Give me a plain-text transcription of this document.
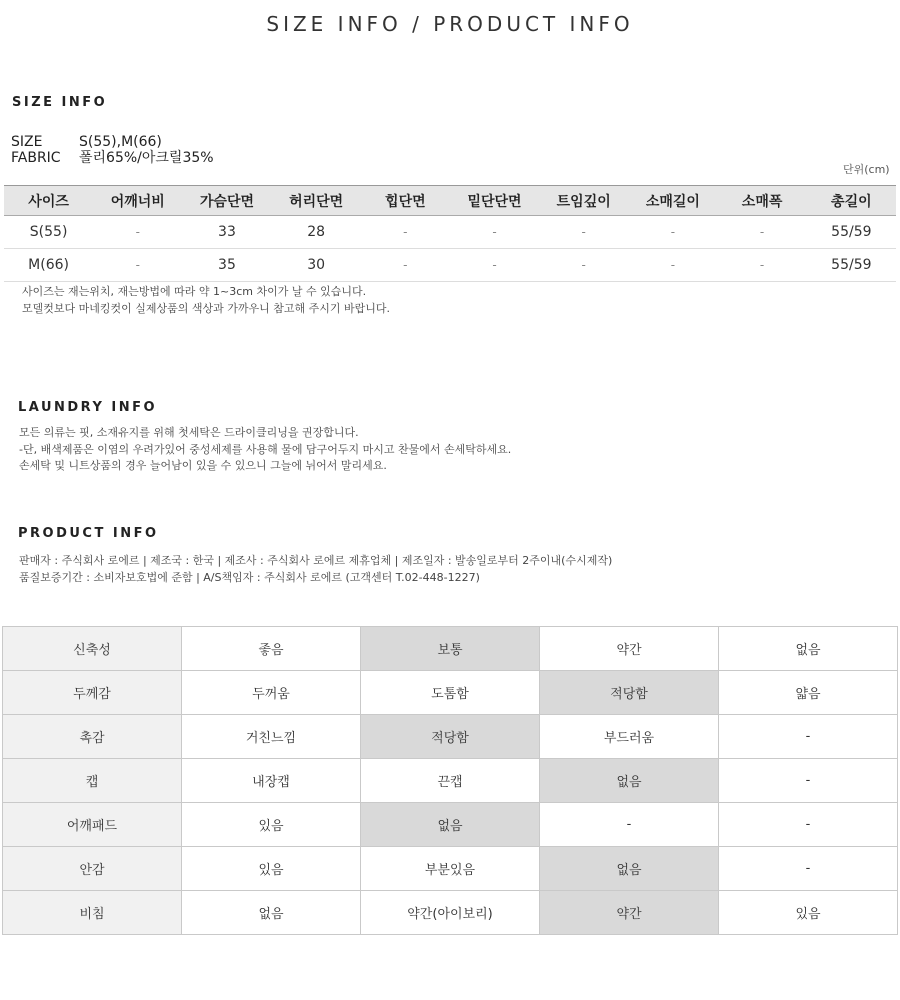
SIZE INFO / PRODUCT INFO
SIZE INFO
SIZE	S(55),M(66)
FABRIC 폴리65%/아크릴35%
단위(cm)
사이즈	어깨너비	가슴단면	허리단면	힙단면	밑단단면	트임깊이	소매길이	소매폭	총길이
S(55)	-	33	28	-	-	-	-	-	55/59
M(66)	-	35	30	-	-	-	-	-	55/59
사이즈는 재는위치, 재는방법에 따라 약 1~3cm 차이가 날 수 있습니다.
모델컷보다 마네킹컷이 실제상품의 색상과 가까우니 참고해 주시기 바랍니다.
LAUNDRY INFO
모든 의류는 핏, 소재유지를 위해 첫세탁은 드라이클리닝을 권장합니다.
-단, 배색제품은 이염의 우려가있어 중성세제를 사용해 물에 담구어두지 마시고 찬물에서 손세탁하세요.
손세탁 및 니트상품의 경우 늘어남이 있을 수 있으니 그늘에 뉘어서 말리세요.
PRODUCT INFO
판매자 : 주식회사 로에르 | 제조국 : 한국 | 제조사 : 주식회사 로에르 제휴업체 | 제조일자 : 발송일로부터 2주이내(수시제작)
품질보증기간 : 소비자보호법에 준함 | A/S책임자 : 주식회사 로에르 (고객센터 T.02-448-1227)
신축성	좋음	보통	약간	없음
두께감	두꺼움	도톰함	적당함	얇음
촉감	거친느낌	적당함	부드러움	-
캡	내장캡	끈캡	없음	-
어깨패드	있음	없음	-	-
안감	있음	부분있음	없음	-
비침	없음	약간(아이보리)	약간	있음
